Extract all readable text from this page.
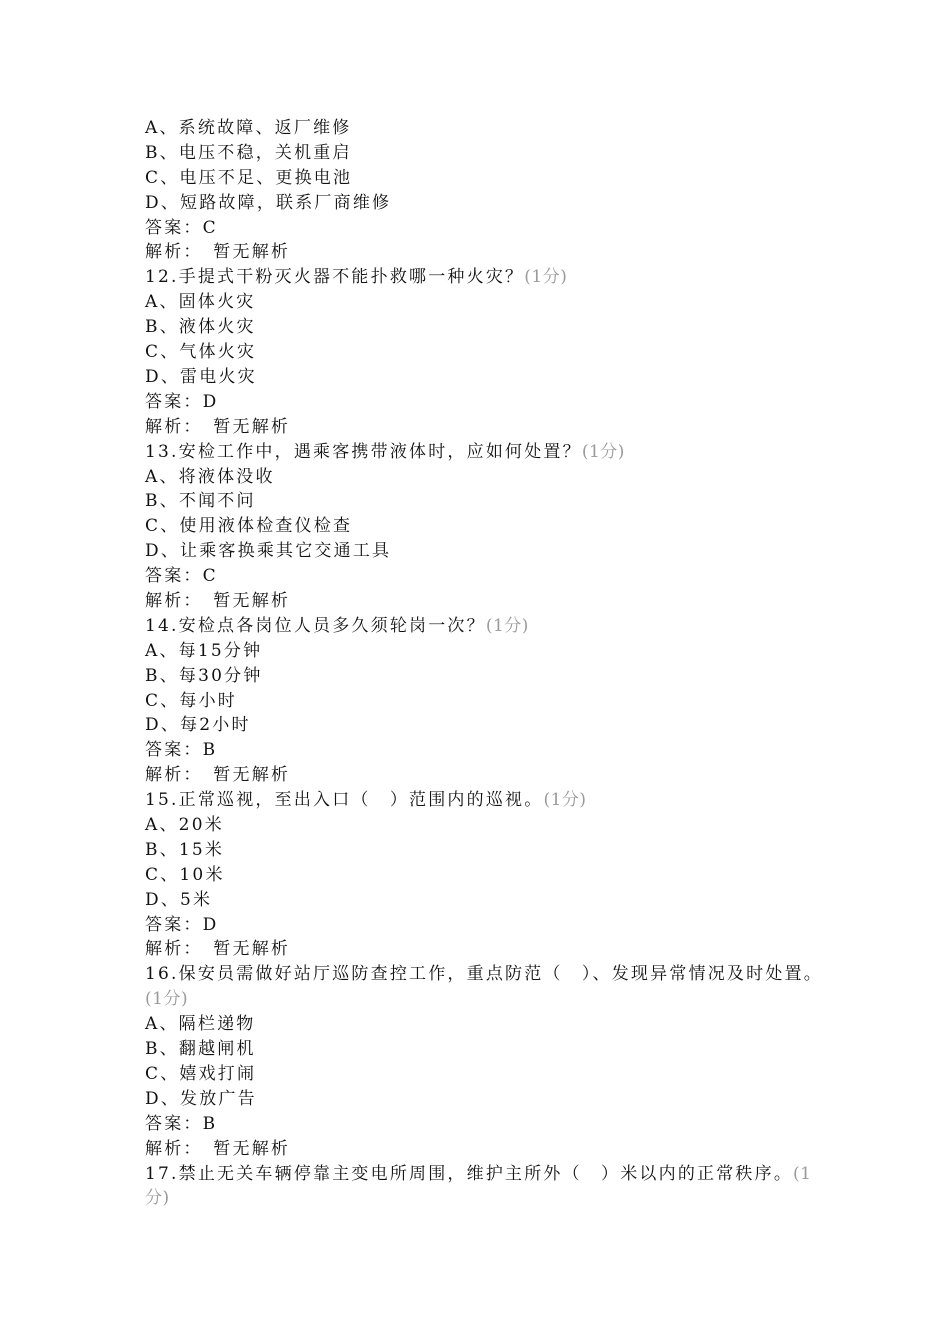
A、系统故障、返厂维修
B、电压不稳，关机重启
C、电压不足、更换电池
D、短路故障，联系厂商维修
答案：C
解析：　暂无解析
12.手提式干粉灭火器不能扑救哪一种火灾？(1分)
A、固体火灾
B、液体火灾
C、气体火灾
D、雷电火灾
答案：D
解析：　暂无解析
13.安检工作中，遇乘客携带液体时，应如何处置？(1分)
A、将液体没收
B、不闻不问
C、使用液体检查仪检查
D、让乘客换乘其它交通工具
答案：C
解析：　暂无解析
14.安检点各岗位人员多久须轮岗一次？(1分)
A、每15分钟
B、每30分钟
C、每小时
D、每2小时
答案：B
解析：　暂无解析
15.正常巡视，至出入口（　）范围内的巡视。(1分)
A、20米
B、15米
C、10米
D、5米
答案：D
解析：　暂无解析
16.保安员需做好站厅巡防查控工作，重点防范（　）、发现异常情况及时处置。(1分)
A、隔栏递物
B、翻越闸机
C、嬉戏打闹
D、发放广告
答案：B
解析：　暂无解析
17.禁止无关车辆停靠主变电所周围，维护主所外（　）米以内的正常秩序。(1分)
